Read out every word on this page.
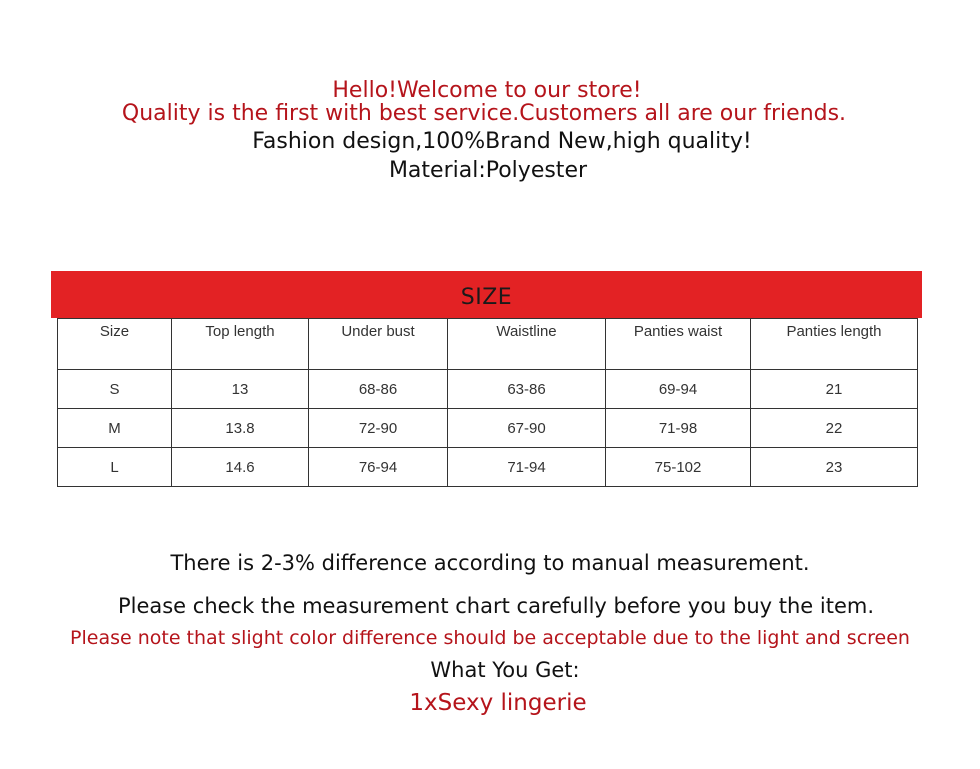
Hello!Welcome to our store!
Quality is the first with best service.Customers all are our friends.
Fashion design,100%Brand New,high quality!
Material:Polyester
SIZE
Size	Top length	Under bust	Waistline	Panties waist	Panties length
S	13	68-86	63-86	69-94	21
M	13.8	72-90	67-90	71-98	22
L	14.6	76-94	71-94	75-102	23
There is 2-3% difference according to manual measurement.
Please check the measurement chart carefully before you buy the item.
Please note that slight color difference should be acceptable due to the light and screen
What You Get:
1xSexy lingerie
